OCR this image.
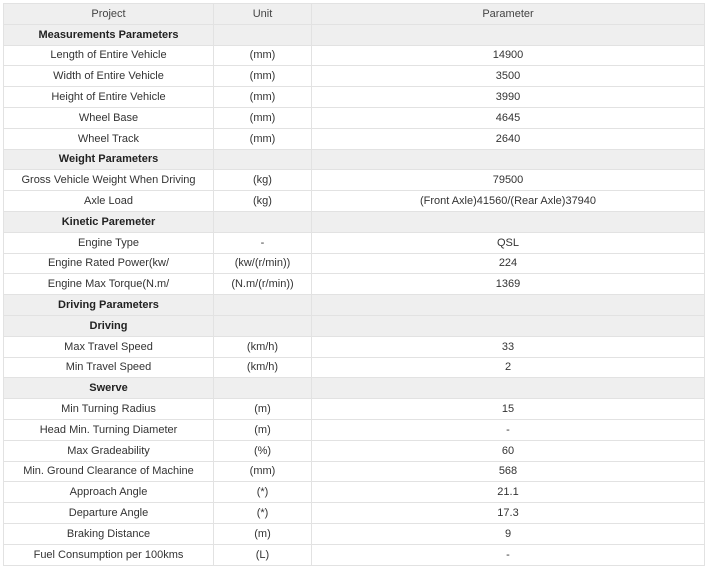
Project	Unit	Parameter
Measurements Parameters		
Length of Entire Vehicle	(mm)	14900
Width of Entire Vehicle	(mm)	3500
Height of Entire Vehicle	(mm)	3990
Wheel Base	(mm)	4645
Wheel Track	(mm)	2640
Weight Parameters		
Gross Vehicle Weight When Driving	(kg)	79500
Axle Load	(kg)	(Front Axle)41560/(Rear Axle)37940
Kinetic Paremeter		
Engine Type	-	QSL
Engine Rated Power(kw/	(kw/(r/min))	224
Engine Max Torque(N.m/	(N.m/(r/min))	1369
Driving Parameters		
Driving		
Max Travel Speed	(km/h)	33
Min Travel Speed	(km/h)	2
Swerve		
Min Turning Radius	(m)	15
Head Min. Turning Diameter	(m)	-
Max Gradeability	(%)	60
Min. Ground Clearance of Machine	(mm)	568
Approach Angle	(*)	21.1
Departure Angle	(*)	17.3
Braking Distance	(m)	9
Fuel Consumption per 100kms	(L)	-
